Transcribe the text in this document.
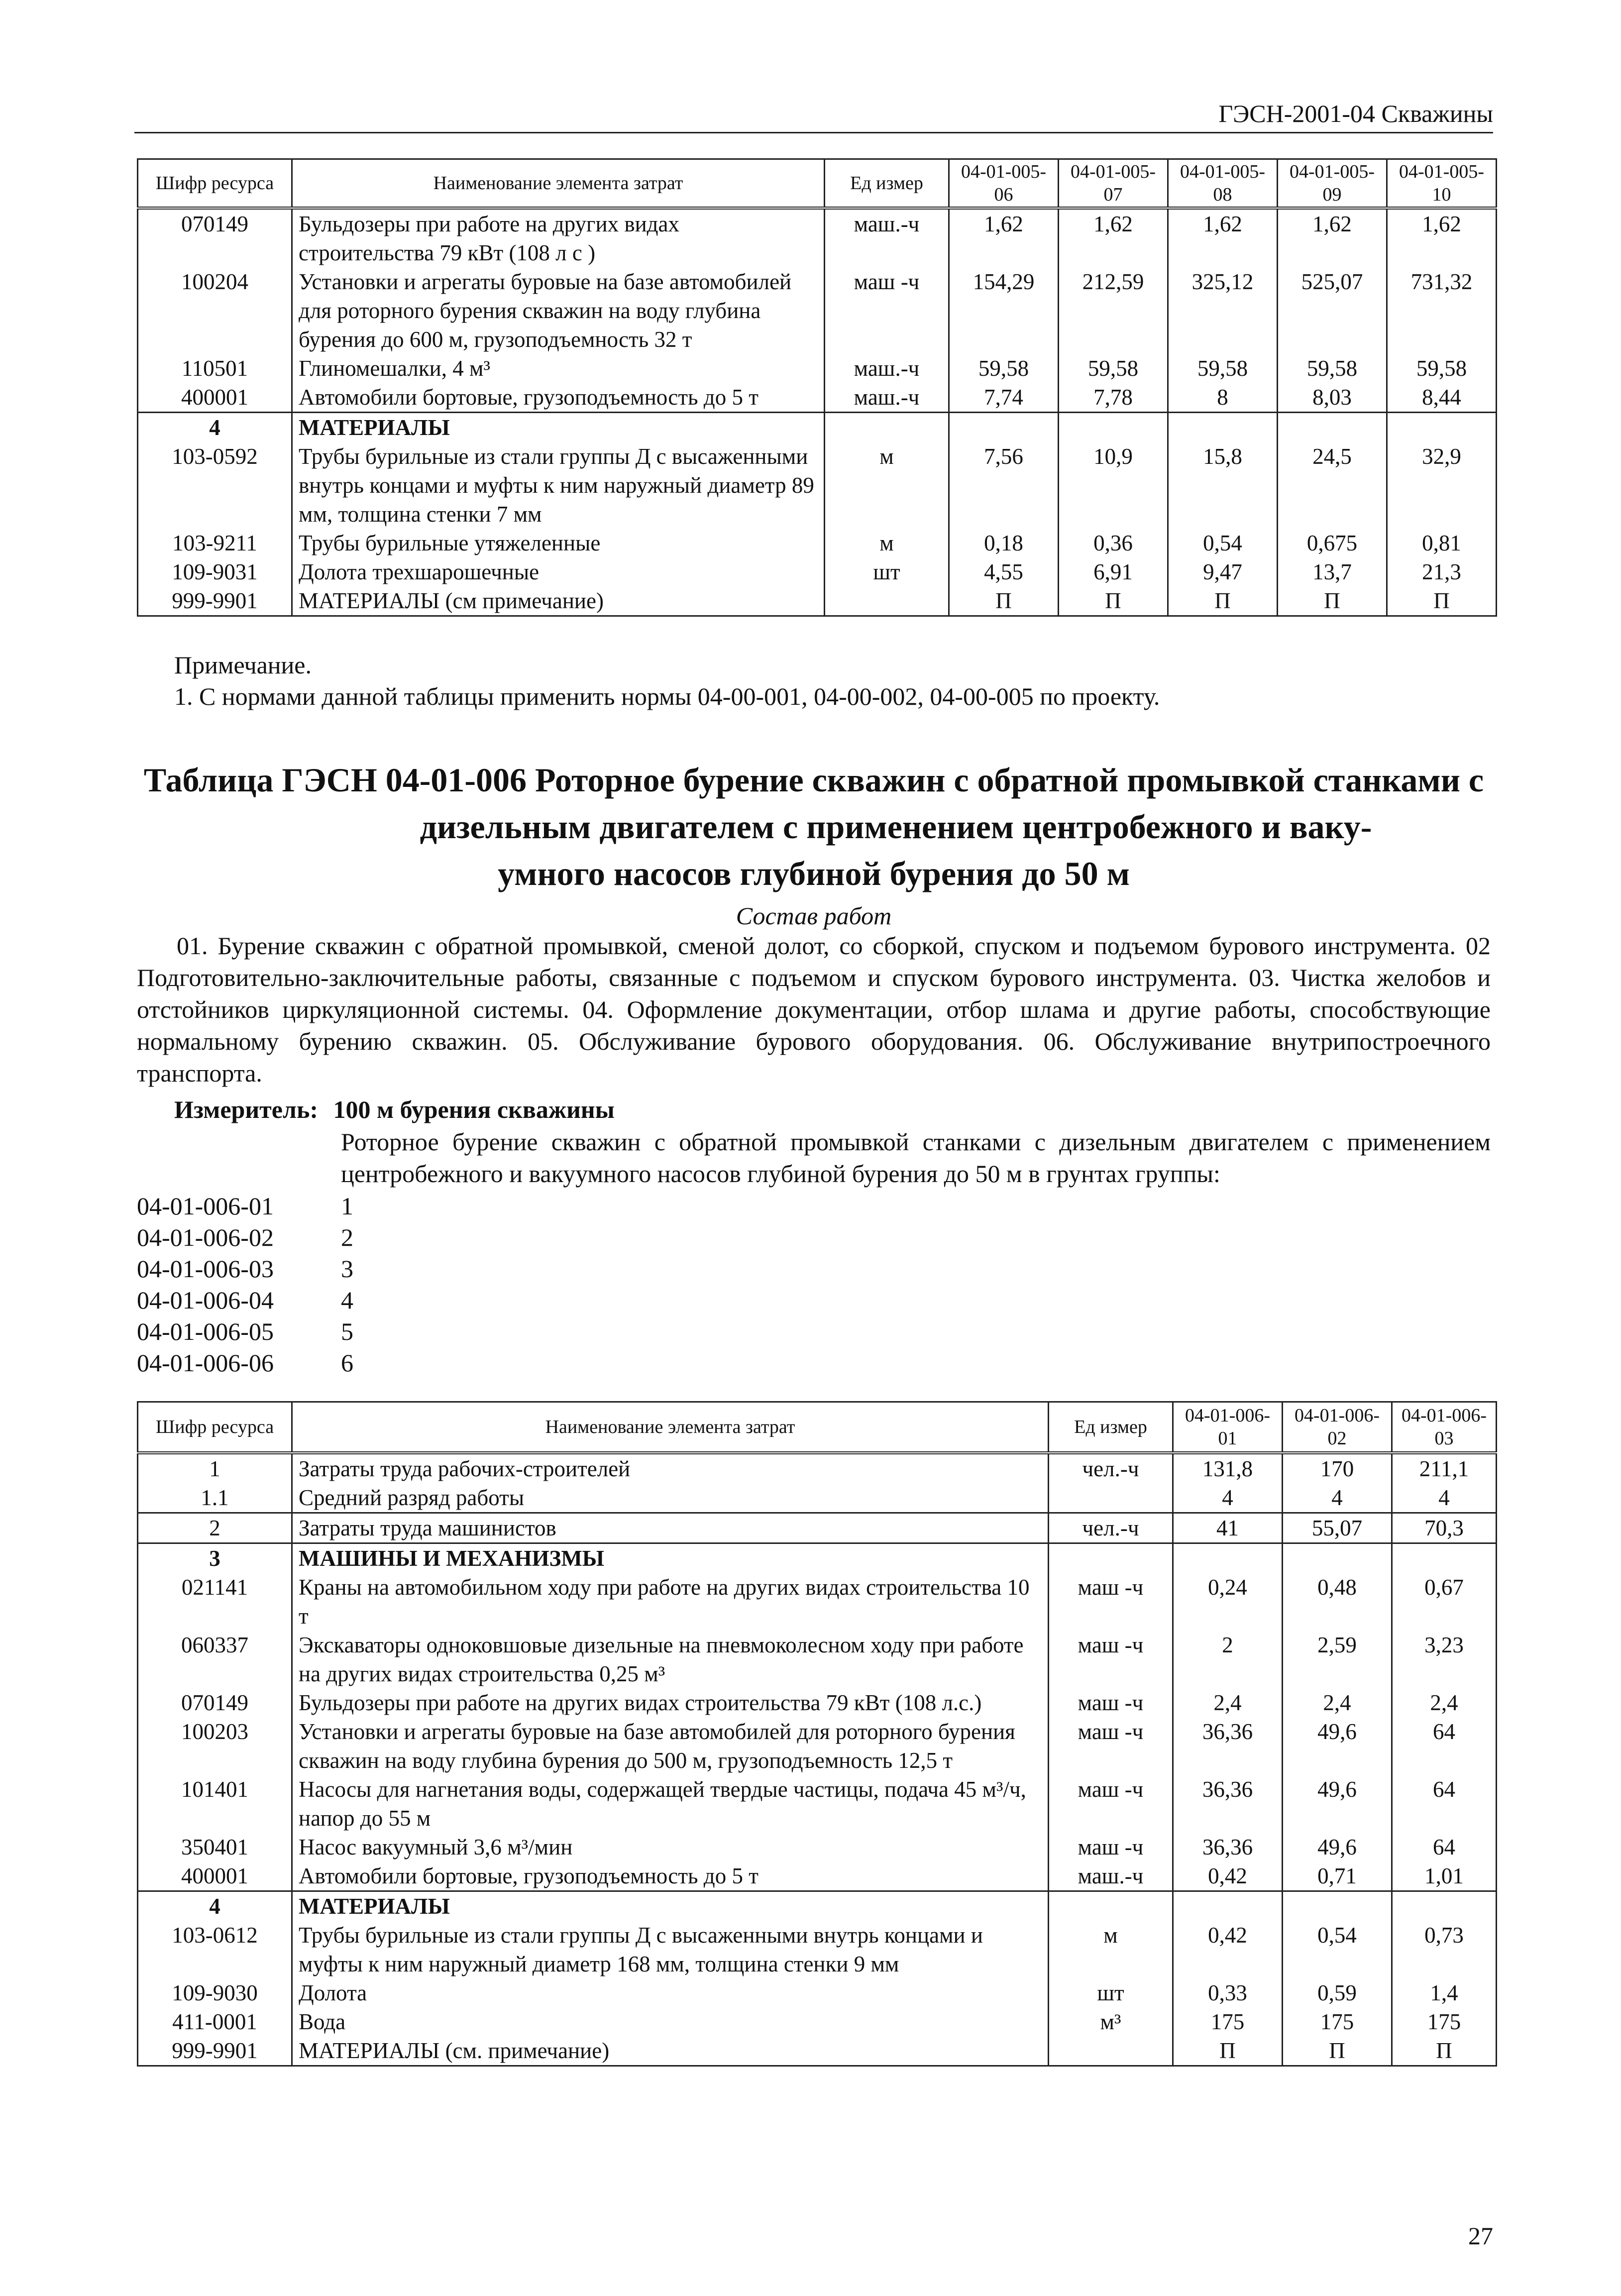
ГЭСН-2001-04 Скважины
Шифр ресурса	Наименование элемента затрат	Ед измер	04-01-005-06	04-01-005-07	04-01-005-08	04-01-005-09	04-01-005-10
070149	Бульдозеры при работе на других видах строительства 79 кВт (108 л с )	маш.-ч	1,62	1,62	1,62	1,62	1,62
100204	Установки и агрегаты буровые на базе автомобилей для роторного бурения скважин на воду глубина бурения до 600 м, грузоподъемность 32 т	маш -ч	154,29	212,59	325,12	525,07	731,32
110501	Глиномешалки, 4 м³	маш.-ч	59,58	59,58	59,58	59,58	59,58
400001	Автомобили бортовые, грузоподъемность до 5 т	маш.-ч	7,74	7,78	8	8,03	8,44
4	МАТЕРИАЛЫ						
103-0592	Трубы бурильные из стали группы Д с высаженными внутрь концами и муфты к ним наружный диаметр 89 мм, толщина стенки 7 мм	м	7,56	10,9	15,8	24,5	32,9
103-9211	Трубы бурильные утяжеленные	м	0,18	0,36	0,54	0,675	0,81
109-9031	Долота трехшарошечные	шт	4,55	6,91	9,47	13,7	21,3
999-9901	МАТЕРИАЛЫ (см примечание)		П	П	П	П	П
Примечание.
1. С нормами данной таблицы применить нормы 04-00-001, 04-00-002, 04-00-005 по проекту.
Таблица ГЭСН 04-01-006 Роторное бурение скважин с обратной промывкой станками с
дизельным двигателем с применением центробежного и ваку-
умного насосов глубиной бурения до 50 м
Состав работ
01. Бурение скважин с обратной промывкой, сменой долот, со сборкой, спуском и подъемом бурового инструмента. 02 Подготовительно-заключительные работы, связанные с подъемом и спуском бурового инструмента. 03. Чистка желобов и отстойников циркуляционной системы. 04. Оформление документации, отбор шлама и другие работы, способствующие нормальному бурению скважин. 05. Обслуживание бурового оборудования. 06. Обслуживание внутрипостроечного транспорта.
Измеритель: 100 м бурения скважины
Роторное бурение скважин с обратной промывкой станками с дизельным двигателем с применением центробежного и вакуумного насосов глубиной бурения до 50 м в грунтах группы:
04-01-006-01	1
04-01-006-02	2
04-01-006-03	3
04-01-006-04	4
04-01-006-05	5
04-01-006-06	6
Шифр ресурса	Наименование элемента затрат	Ед измер	04-01-006-01	04-01-006-02	04-01-006-03
1	Затраты труда рабочих-строителей	чел.-ч	131,8	170	211,1
1.1	Средний разряд работы		4	4	4
2	Затраты труда машинистов	чел.-ч	41	55,07	70,3
3	МАШИНЫ И МЕХАНИЗМЫ				
021141	Краны на автомобильном ходу при работе на других видах строительства 10 т	маш -ч	0,24	0,48	0,67
060337	Экскаваторы одноковшовые дизельные на пневмоколесном ходу при работе на других видах строительства 0,25 м³	маш -ч	2	2,59	3,23
070149	Бульдозеры при работе на других видах строительства 79 кВт (108 л.с.)	маш -ч	2,4	2,4	2,4
100203	Установки и агрегаты буровые на базе автомобилей для роторного бурения скважин на воду глубина бурения до 500 м, грузоподъемность 12,5 т	маш -ч	36,36	49,6	64
101401	Насосы для нагнетания воды, содержащей твердые частицы, подача 45 м³/ч, напор до 55 м	маш -ч	36,36	49,6	64
350401	Насос вакуумный 3,6 м³/мин	маш -ч	36,36	49,6	64
400001	Автомобили бортовые, грузоподъемность до 5 т	маш.-ч	0,42	0,71	1,01
4	МАТЕРИАЛЫ				
103-0612	Трубы бурильные из стали группы Д с высаженными внутрь концами и муфты к ним наружный диаметр 168 мм, толщина стенки 9 мм	м	0,42	0,54	0,73
109-9030	Долота	шт	0,33	0,59	1,4
411-0001	Вода	м³	175	175	175
999-9901	МАТЕРИАЛЫ (см. примечание)		П	П	П
27
